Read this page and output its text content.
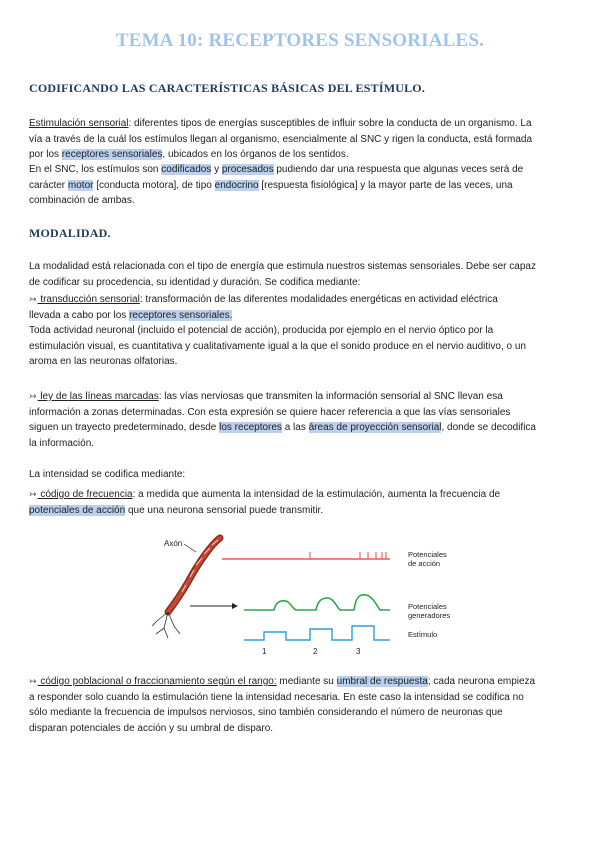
TEMA 10: RECEPTORES SENSORIALES.
CODIFICANDO LAS CARACTERÍSTICAS BÁSICAS DEL ESTÍMULO.
Estimulación sensorial: diferentes tipos de energías susceptibles de influir sobre la conducta de un organismo. La
vía a través de la cuál los estímulos llegan al organismo, esencialmente al SNC y rigen la conducta, está formada
por los receptores sensoriales, ubicados en los órganos de los sentidos.
En el SNC, los estímulos son codificados y procesados pudiendo dar una respuesta que algunas veces será de
carácter motor [conducta motora], de tipo endocrino [respuesta fisiológica] y la mayor parte de las veces, una
combinación de ambas.
MODALIDAD.
La modalidad está relacionada con el tipo de energía que estimula nuestros sistemas sensoriales. Debe ser capaz
de codificar su procedencia, su identidad y duración. Se codifica mediante:
↣ transducción sensorial: transformación de las diferentes modalidades energéticas en actividad eléctrica
llevada a cabo por los receptores sensoriales.
Toda actividad neuronal (incluido el potencial de acción), producida por ejemplo en el nervio óptico por la
estimulación visual, es cuantitativa y cualitativamente igual a la que el sonido produce en el nervio auditivo, o un
aroma en las neuronas olfatorias.
↣ ley de las líneas marcadas: las vías nerviosas que transmiten la información sensorial al SNC llevan esa
información a zonas determinadas. Con esta expresión se quiere hacer referencia a que las vías sensoriales
siguen un trayecto predeterminado, desde los receptores a las áreas de proyección sensorial, donde se decodifica
la información.
La intensidad se codifica mediante:
↣ código de frecuencia: a medida que aumenta la intensidad de la estimulación, aumenta la frecuencia de
potenciales de acción que una neurona sensorial puede transmitir.
Axón
1	2	3
Potenciales
de acción
Potenciales
generadores
Estímulo
↣ código poblacional o fraccionamiento según el rango: mediante su umbral de respuesta; cada neurona empieza
a responder solo cuando la estimulación tiene la intensidad necesaria. En este caso la intensidad se codifica no
sólo mediante la frecuencia de impulsos nerviosos, sino también considerando el número de neuronas que
disparan potenciales de acción y su umbral de disparo.
